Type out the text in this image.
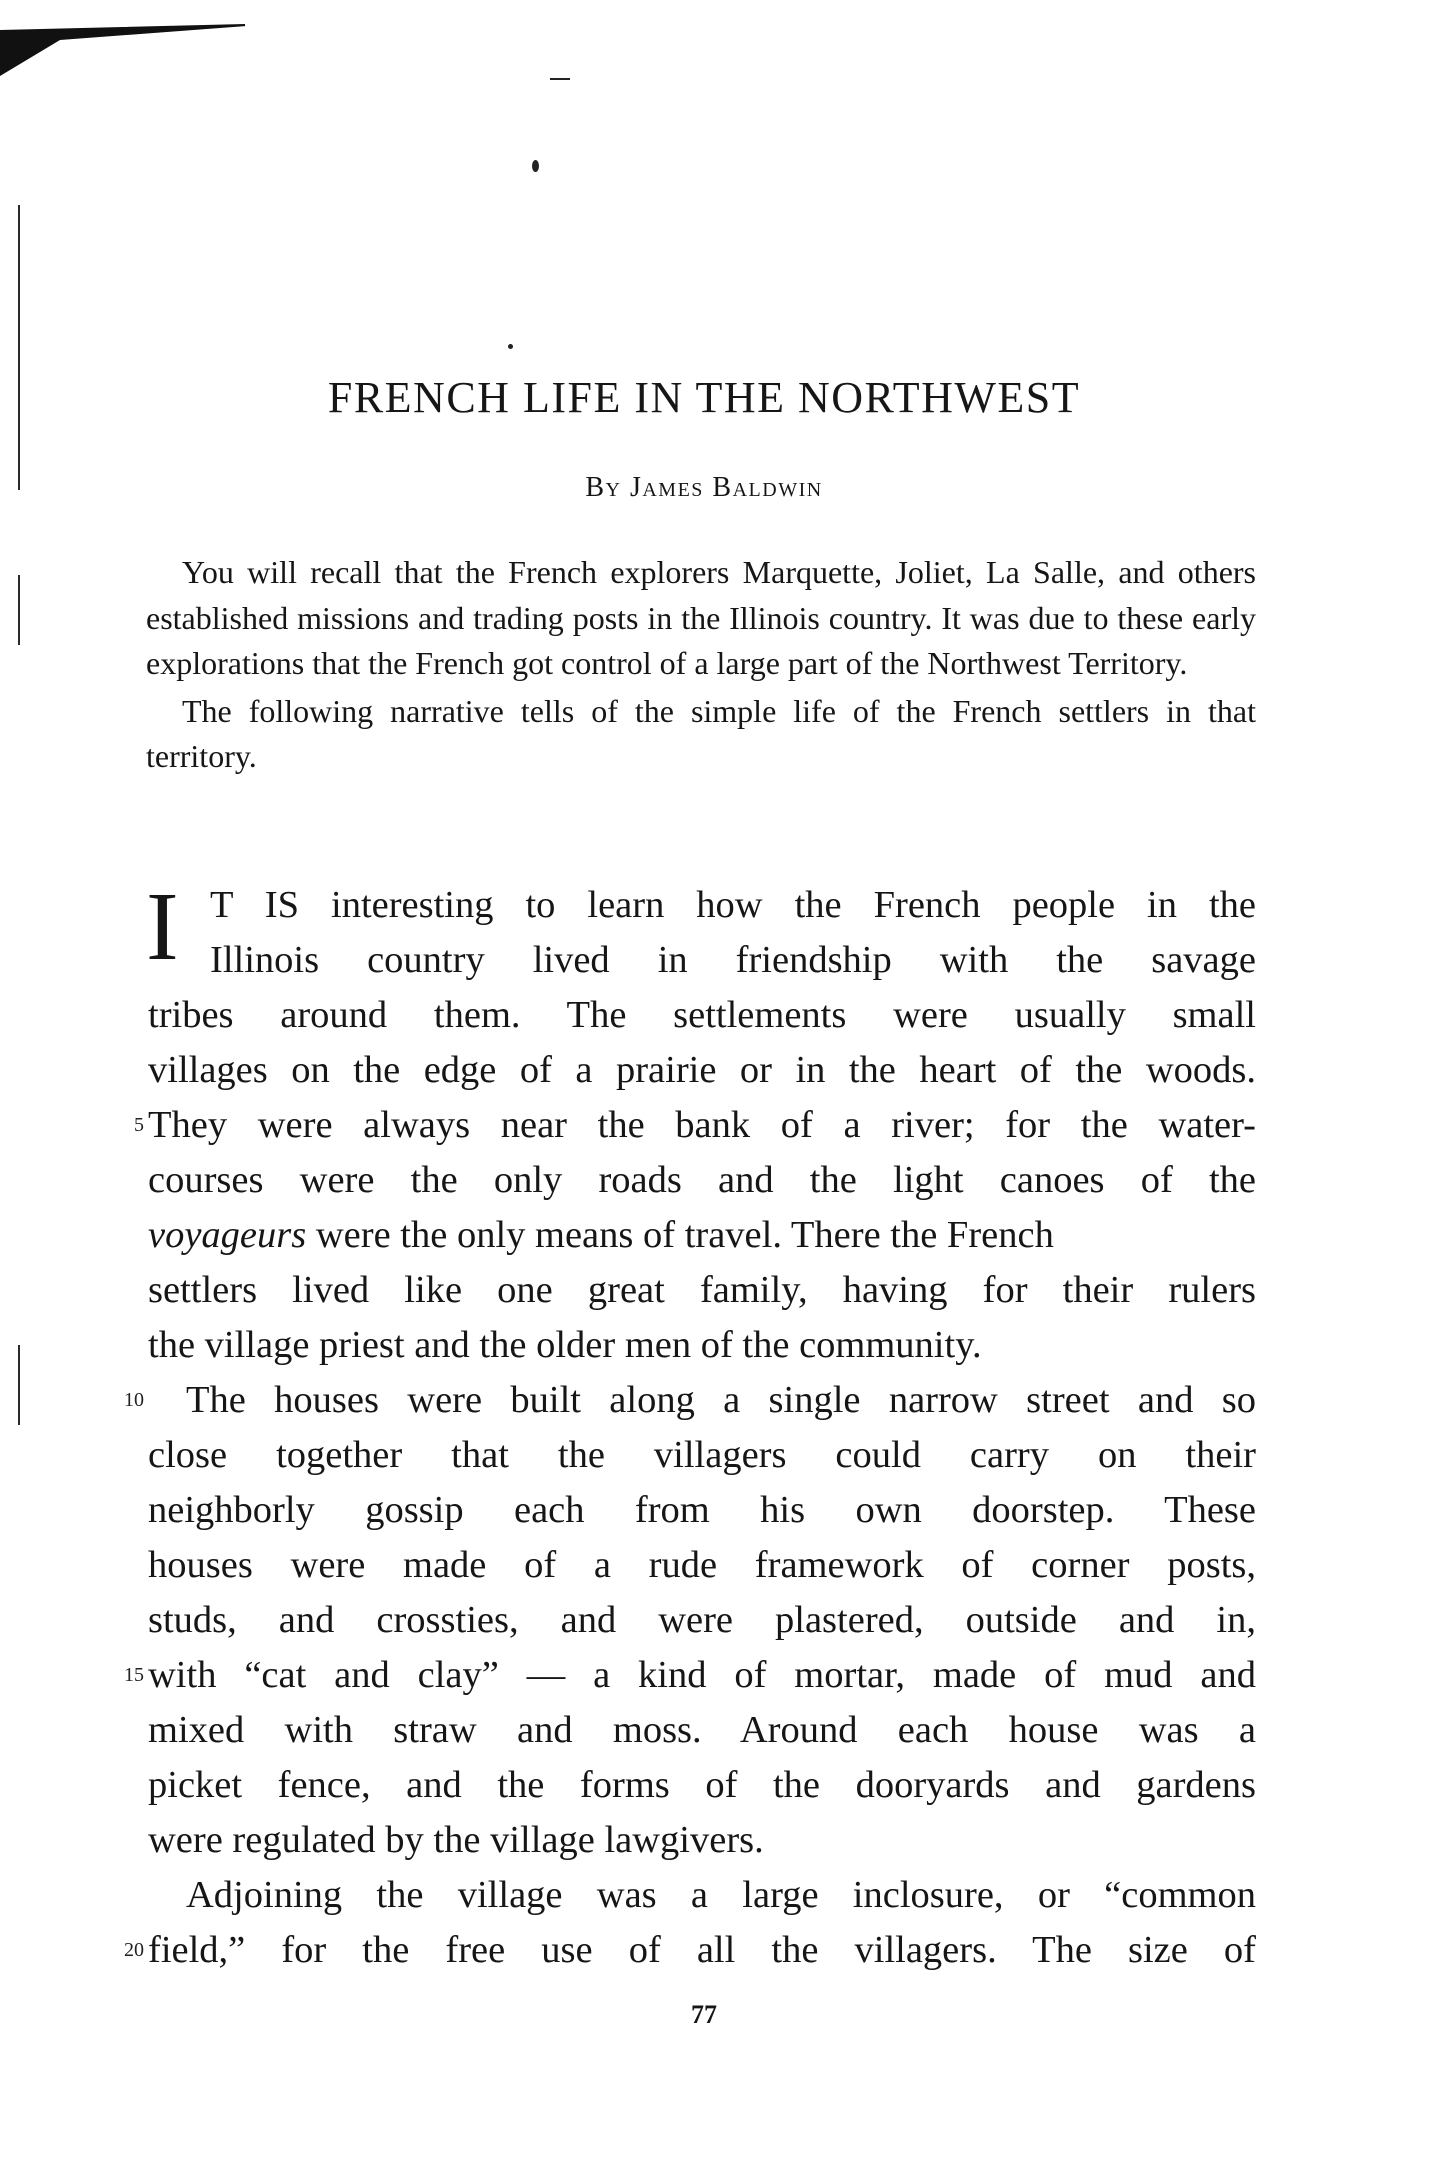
FRENCH LIFE IN THE NORTHWEST
By James Baldwin

You will recall that the French explorers Marquette, Joliet, La Salle, and others established missions and trading posts in the Illinois country. It was due to these early explorations that the French got control of a large part of the Northwest Territory.

The following narrative tells of the simple life of the French settlers in that territory.

I T IS interesting to learn how the French people in the
Illinois country lived in friendship with the savage
tribes around them. The settlements were usually small
villages on the edge of a prairie or in the heart of the woods.
They were always near the bank of a river; for the water-
courses were the only roads and the light canoes of the
voyageurs were the only means of travel. There the French
settlers lived like one great family, having for their rulers
the village priest and the older men of the community.
The houses were built along a single narrow street and so
close together that the villagers could carry on their
neighborly gossip each from his own doorstep. These
houses were made of a rude framework of corner posts,
studs, and crossties, and were plastered, outside and in,
with “cat and clay” — a kind of mortar, made of mud and
mixed with straw and moss. Around each house was a
picket fence, and the forms of the dooryards and gardens
were regulated by the village lawgivers.
Adjoining the village was a large inclosure, or “common
field,” for the free use of all the villagers. The size of
5
10
15
20
77
